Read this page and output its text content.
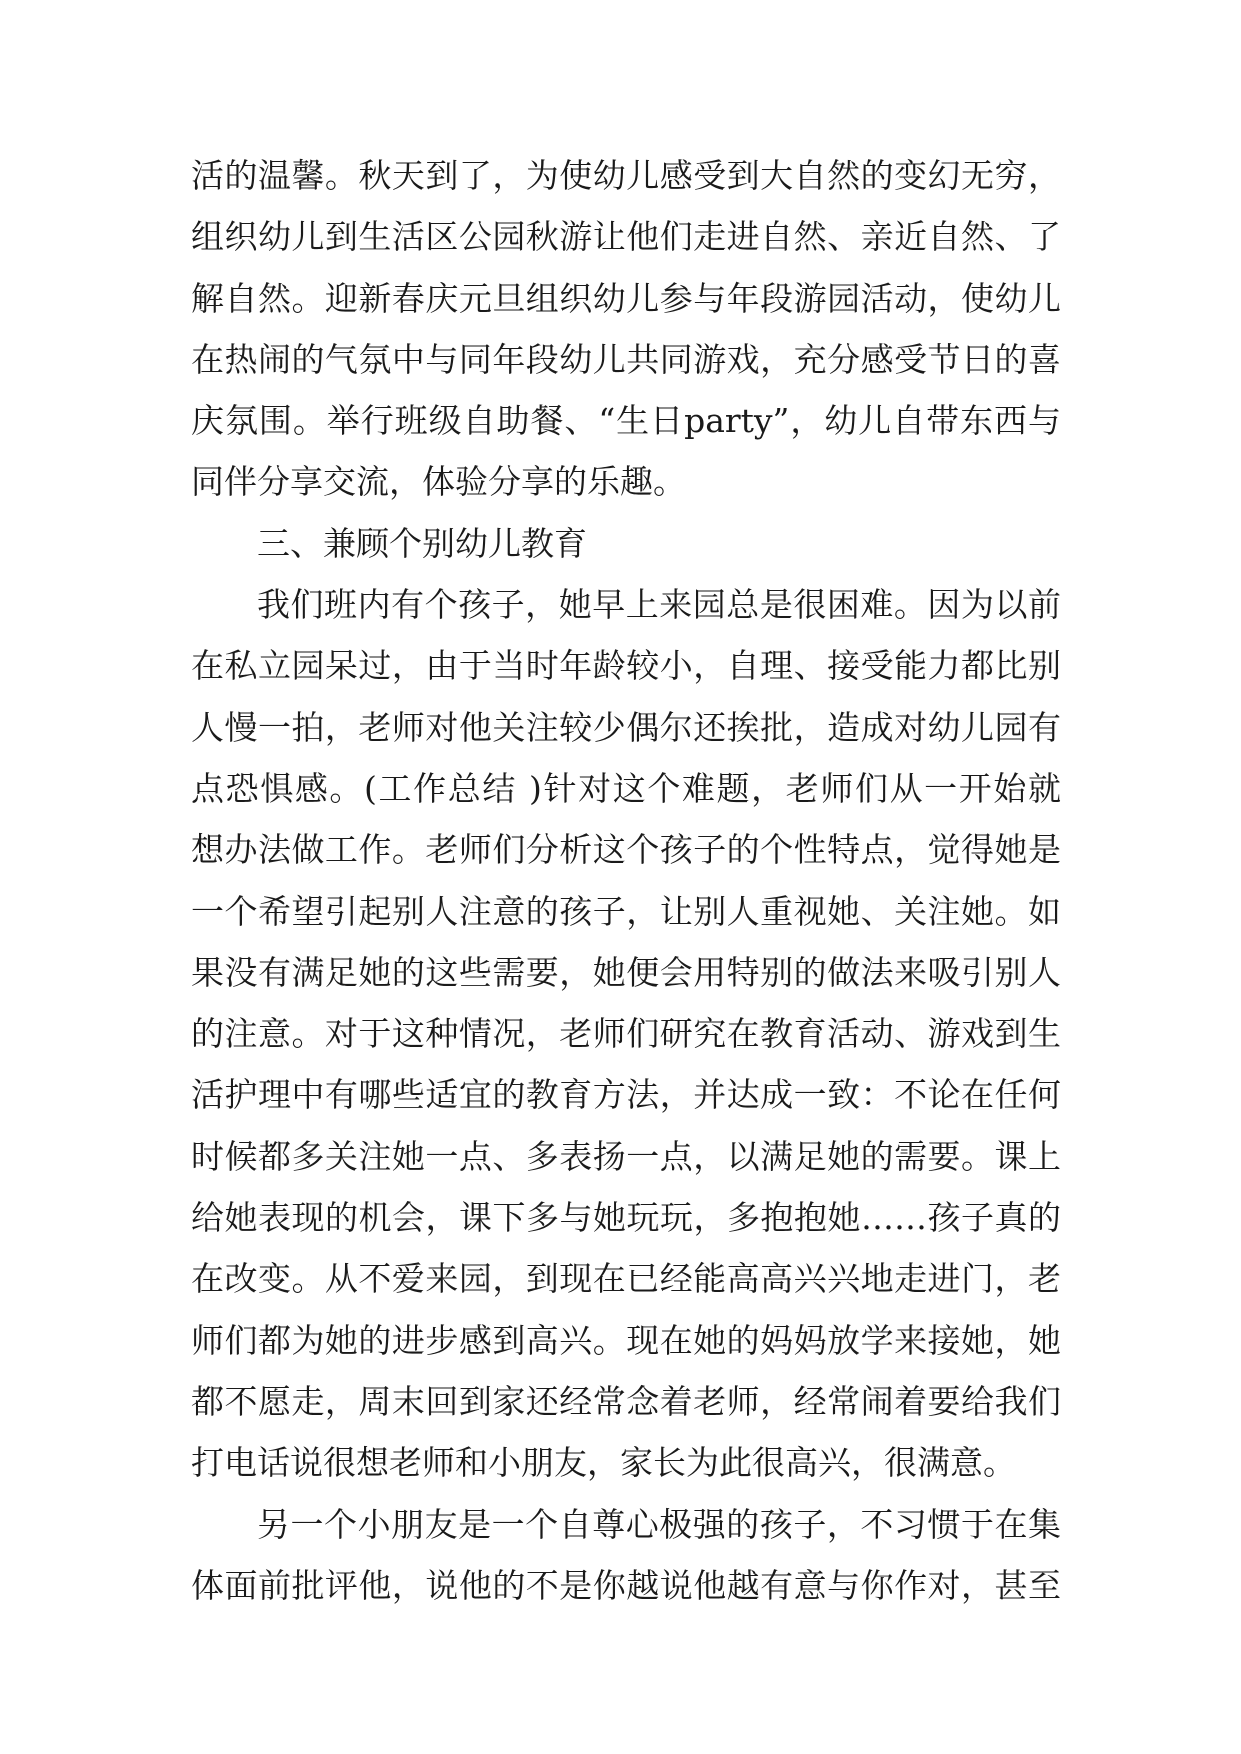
活的温馨。秋天到了，为使幼儿感受到大自然的变幻无穷，
组织幼儿到生活区公园秋游让他们走进自然、亲近自然、了
解自然。迎新春庆元旦组织幼儿参与年段游园活动，使幼儿
在热闹的气氛中与同年段幼儿共同游戏，充分感受节日的喜
庆氛围。举行班级自助餐、“生日party”，幼儿自带东西与
同伴分享交流，体验分享的乐趣。
三、兼顾个别幼儿教育
我们班内有个孩子，她早上来园总是很困难。因为以前
在私立园呆过，由于当时年龄较小，自理、接受能力都比别
人慢一拍，老师对他关注较少偶尔还挨批，造成对幼儿园有
点恐惧感。(工作总结 )针对这个难题，老师们从一开始就
想办法做工作。老师们分析这个孩子的个性特点，觉得她是
一个希望引起别人注意的孩子，让别人重视她、关注她。如
果没有满足她的这些需要，她便会用特别的做法来吸引别人
的注意。对于这种情况，老师们研究在教育活动、游戏到生
活护理中有哪些适宜的教育方法，并达成一致：不论在任何
时候都多关注她一点、多表扬一点，以满足她的需要。课上
给她表现的机会，课下多与她玩玩，多抱抱她……孩子真的
在改变。从不爱来园，到现在已经能高高兴兴地走进门，老
师们都为她的进步感到高兴。现在她的妈妈放学来接她，她
都不愿走，周末回到家还经常念着老师，经常闹着要给我们
打电话说很想老师和小朋友，家长为此很高兴，很满意。
另一个小朋友是一个自尊心极强的孩子，不习惯于在集
体面前批评他，说他的不是你越说他越有意与你作对，甚至
